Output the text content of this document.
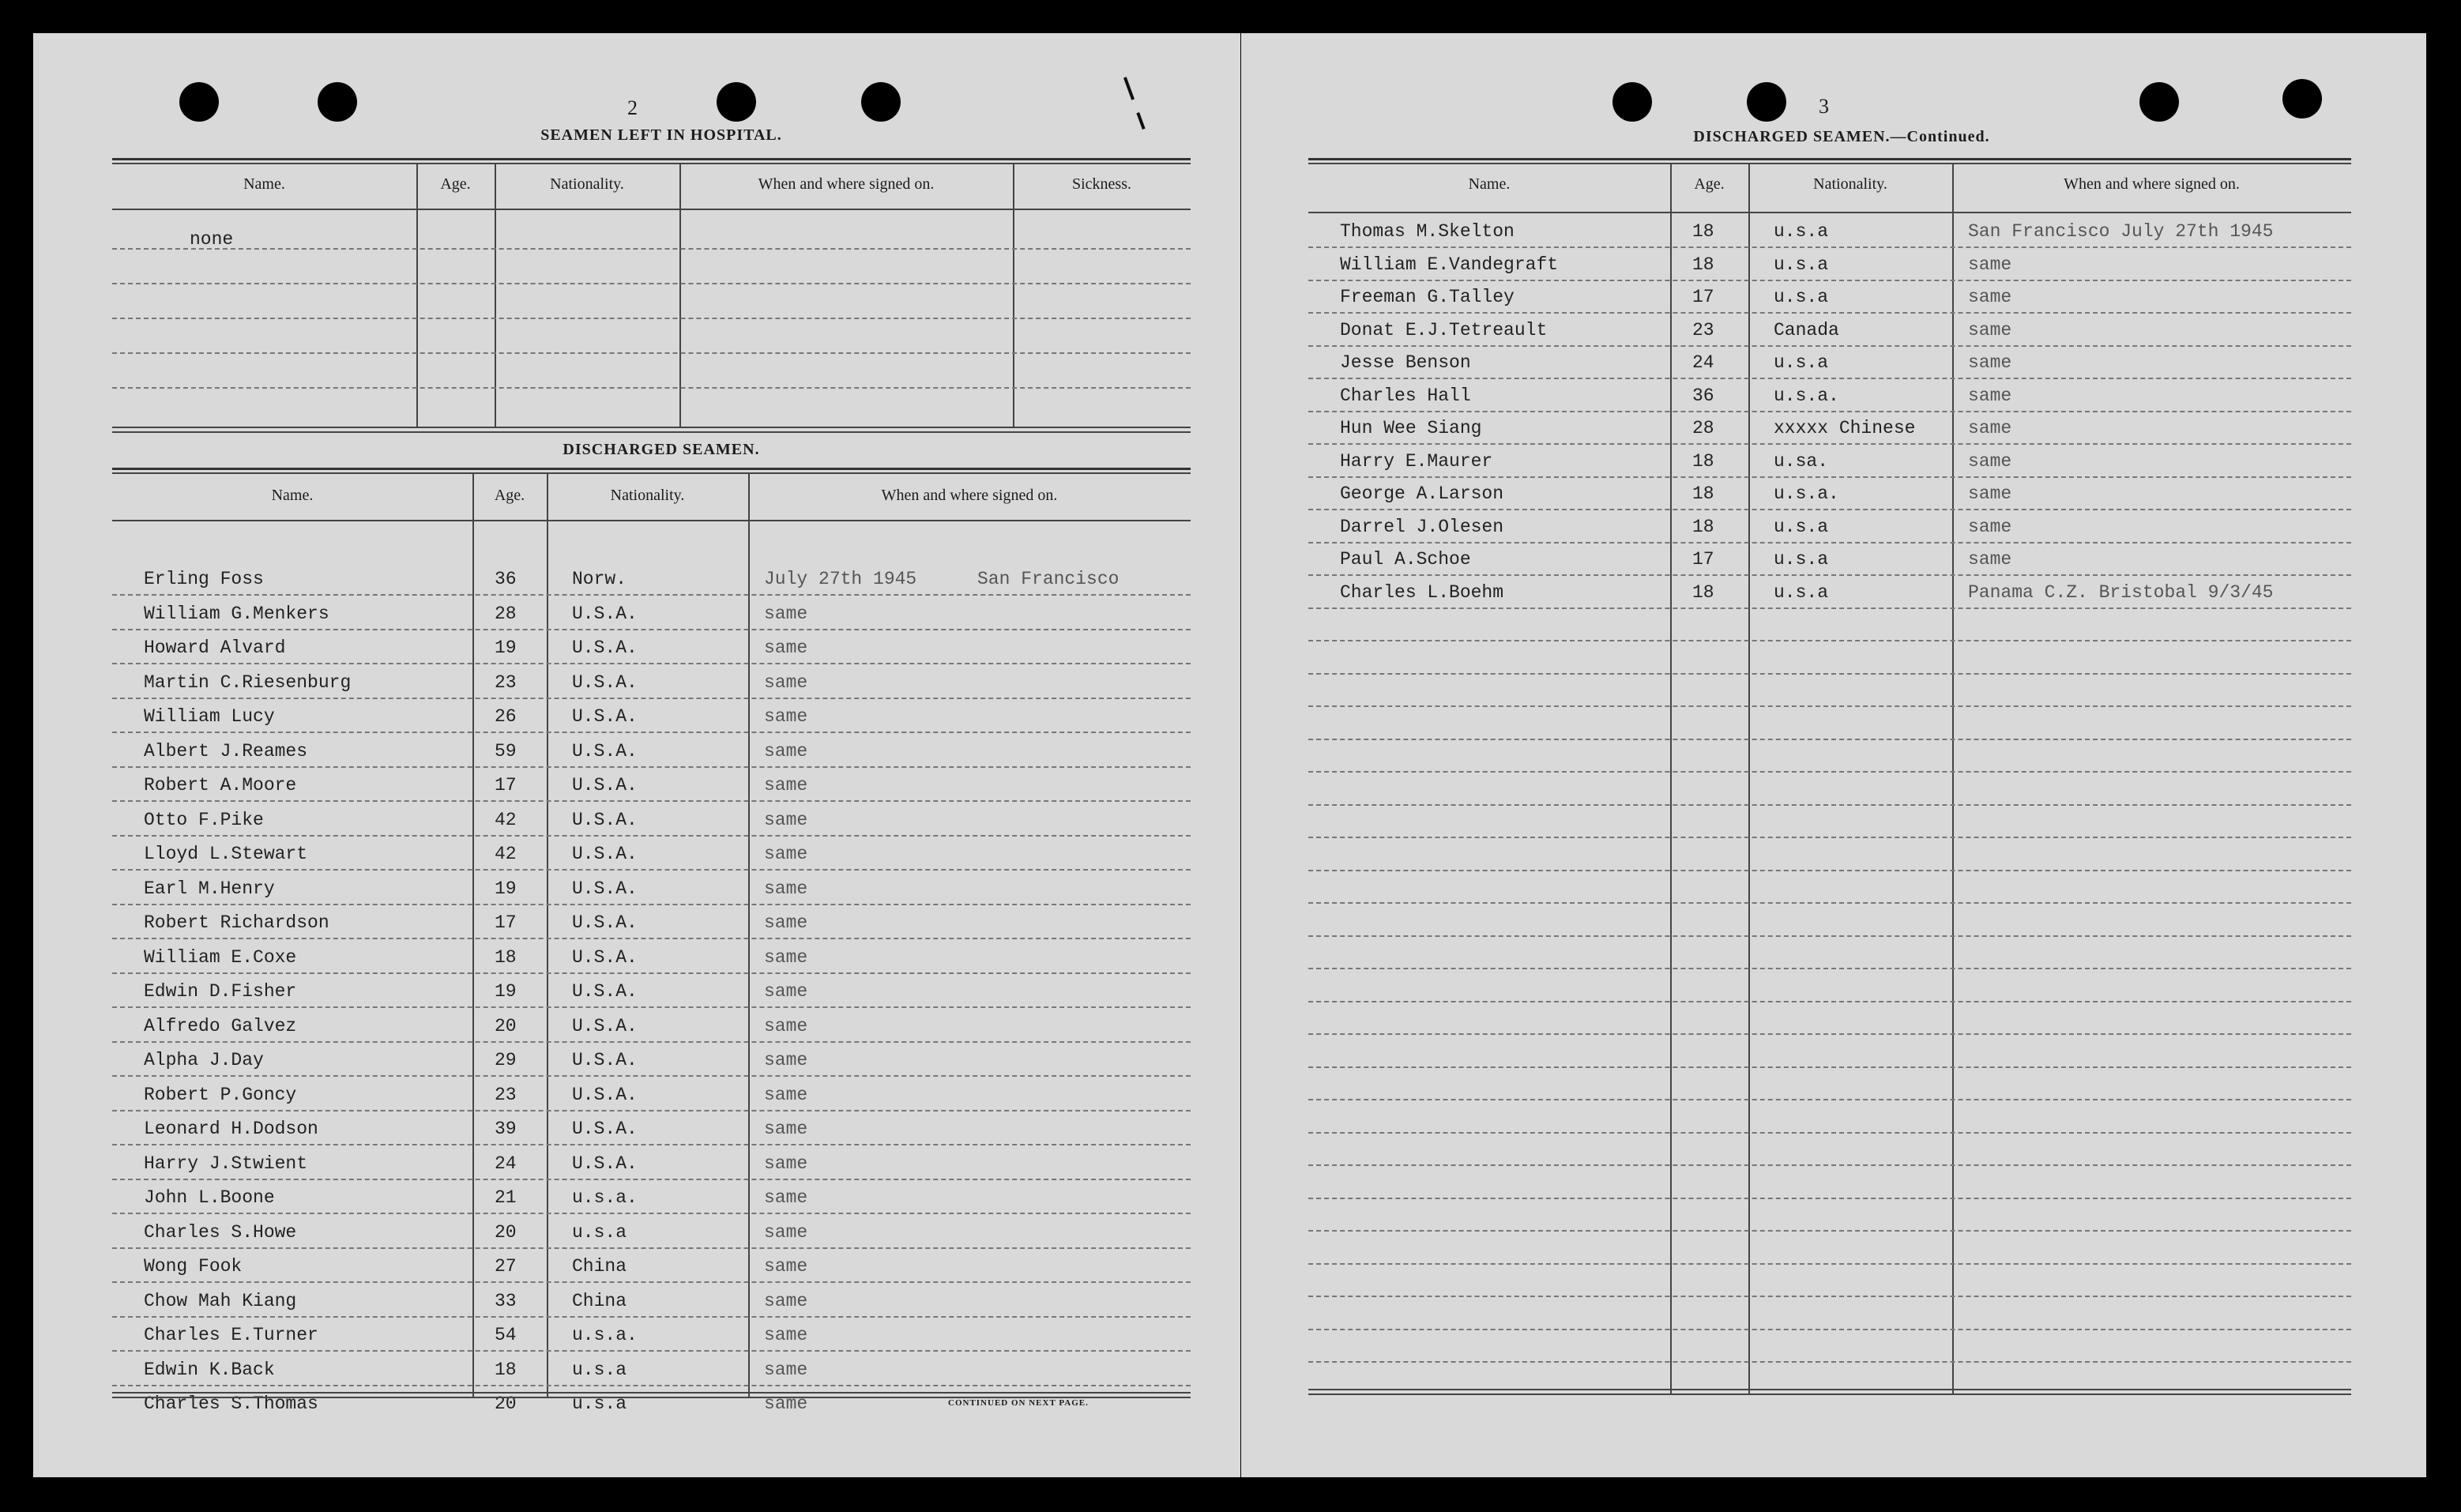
2
SEAMEN LEFT IN HOSPITAL.
Name.	Age.	Nationality.	When and where signed on.	Sickness.
none
DISCHARGED SEAMEN.
Name.	Age.	Nationality.	When and where signed on.
Erling Foss	36	Norw.	July 27th 1945	San Francisco
William G.Menkers	28	U.S.A.	same
Howard Alvard	19	U.S.A.	same
Martin C.Riesenburg	23	U.S.A.	same
William Lucy	26	U.S.A.	same
Albert J.Reames	59	U.S.A.	same
Robert A.Moore	17	U.S.A.	same
Otto F.Pike	42	U.S.A.	same
Lloyd L.Stewart	42	U.S.A.	same
Earl M.Henry	19	U.S.A.	same
Robert Richardson	17	U.S.A.	same
William E.Coxe	18	U.S.A.	same
Edwin D.Fisher	19	U.S.A.	same
Alfredo Galvez	20	U.S.A.	same
Alpha J.Day	29	U.S.A.	same
Robert P.Goncy	23	U.S.A.	same
Leonard H.Dodson	39	U.S.A.	same
Harry J.Stwient	24	U.S.A.	same
John L.Boone	21	u.s.a.	same
Charles S.Howe	20	u.s.a	same
Wong Fook	27	China	same
Chow Mah Kiang	33	China	same
Charles E.Turner	54	u.s.a.	same
Edwin K.Back	18	u.s.a	same
Charles S.Thomas	20	u.s.a	same	CONTINUED ON NEXT PAGE.
3
DISCHARGED SEAMEN.—Continued.
Name.	Age.	Nationality.	When and where signed on.
Thomas M.Skelton	18	u.s.a	San Francisco July 27th 1945
William E.Vandegraft	18	u.s.a	same
Freeman G.Talley	17	u.s.a	same
Donat E.J.Tetreault	23	Canada	same
Jesse Benson	24	u.s.a	same
Charles Hall	36	u.s.a.	same
Hun Wee Siang	28	xxxxx Chinese	same
Harry E.Maurer	18	u.sa.	same
George A.Larson	18	u.s.a.	same
Darrel J.Olesen	18	u.s.a	same
Paul A.Schoe	17	u.s.a	same
Charles L.Boehm	18	u.s.a	Panama C.Z. Bristobal 9/3/45
